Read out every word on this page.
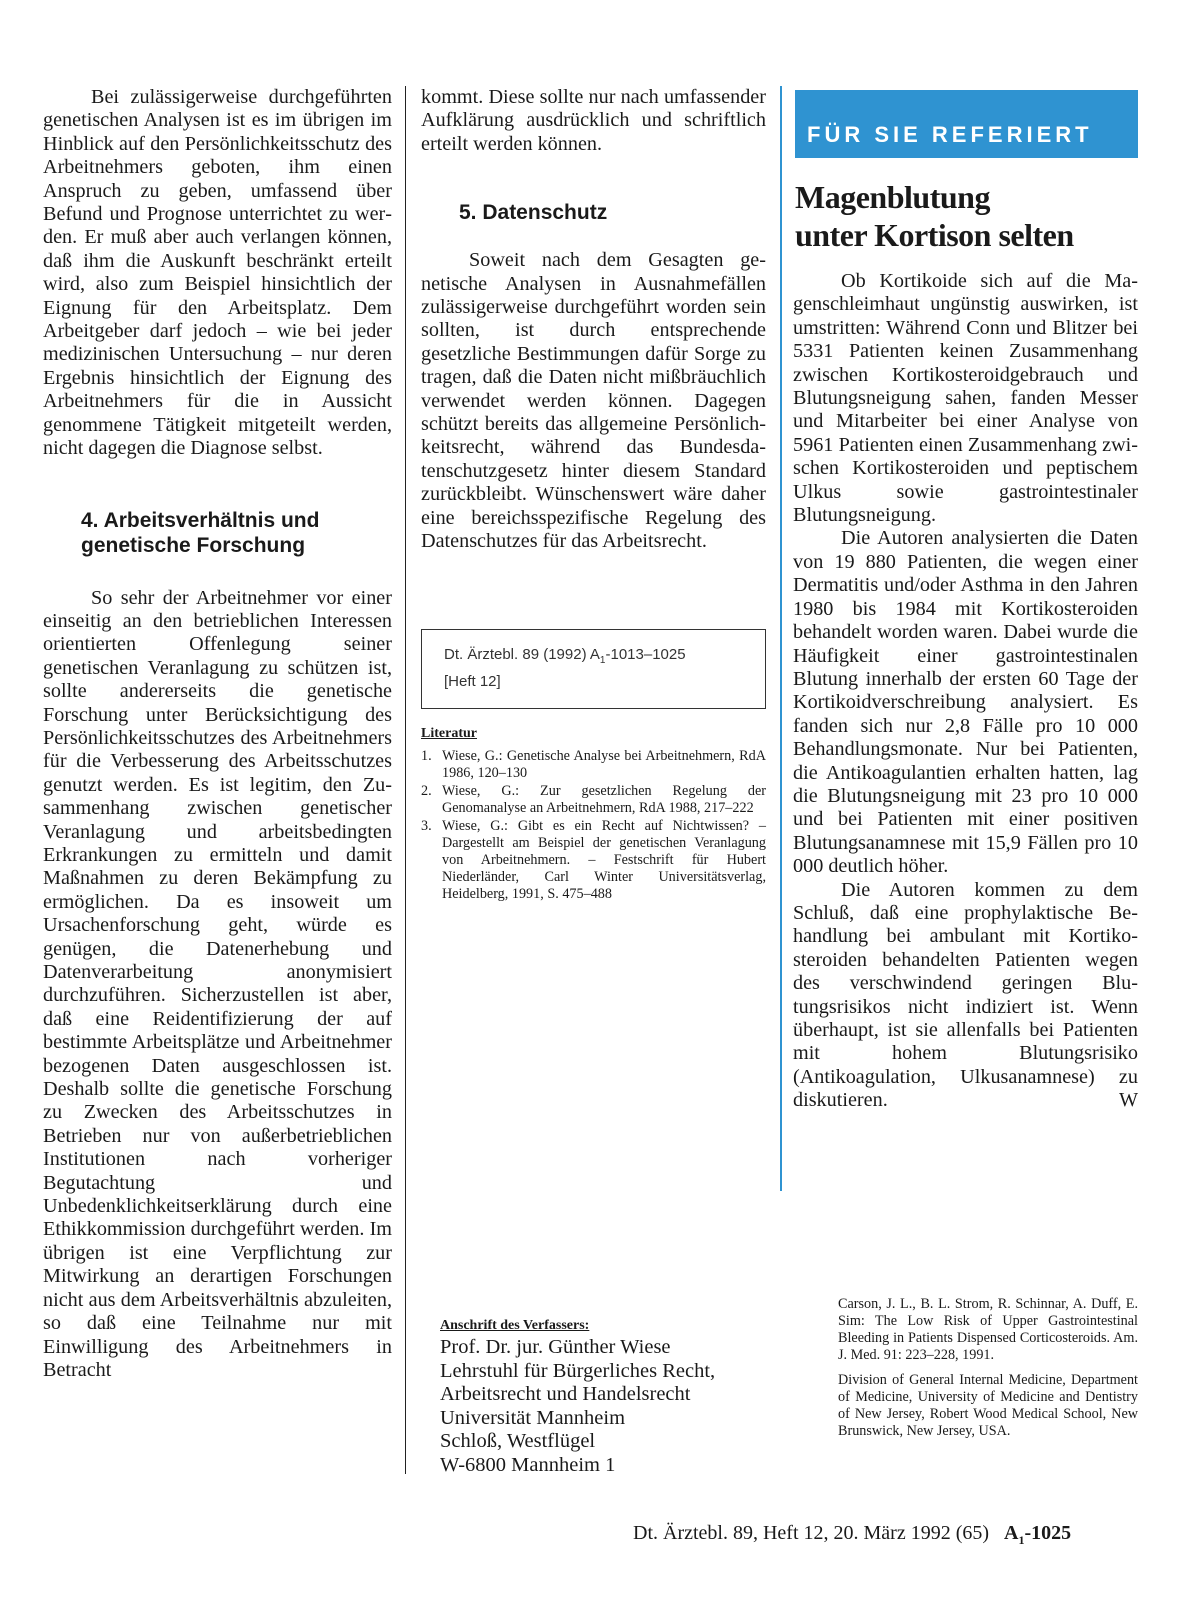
Bei zulässigerweise durchgeführten genetischen Analysen ist es im übrigen im Hinblick auf den Persönlichkeitsschutz des Arbeitnehmers geboten, ihm einen Anspruch zu geben, umfassend über Befund und Prognose unterrichtet zu werden. Er muß aber auch verlangen können, daß ihm die Auskunft beschränkt erteilt wird, also zum Beispiel hinsichtlich der Eignung für den Arbeitsplatz. Dem Arbeitgeber darf jedoch – wie bei jeder medizinischen Untersuchung – nur deren Ergebnis hinsichtlich der Eignung des Arbeitnehmers für die in Aussicht genommene Tätigkeit mitgeteilt werden, nicht dagegen die Diagnose selbst.

4. Arbeitsverhältnis und genetische Forschung

So sehr der Arbeitnehmer vor einer einseitig an den betrieblichen Interessen orientierten Offenlegung seiner genetischen Veranlagung zu schützen ist, sollte andererseits die genetische Forschung unter Berücksichtigung des Persönlichkeitsschutzes des Arbeitnehmers für die Verbesserung des Arbeitsschutzes genutzt werden. Es ist legitim, den Zusammenhang zwischen genetischer Veranlagung und arbeitsbedingten Erkrankungen zu ermitteln und damit Maßnahmen zu deren Bekämpfung zu ermöglichen. Da es insoweit um Ursachenforschung geht, würde es genügen, die Datenerhebung und Datenverarbeitung anonymisiert durchzuführen. Sicherzustellen ist aber, daß eine Reidentifizierung der auf bestimmte Arbeitsplätze und Arbeitnehmer bezogenen Daten ausgeschlossen ist. Deshalb sollte die genetische Forschung zu Zwecken des Arbeitsschutzes in Betrieben nur von außerbetrieblichen Institutionen nach vorheriger Begutachtung und Unbedenklichkeitserklärung durch eine Ethikkommission durchgeführt werden. Im übrigen ist eine Verpflichtung zur Mitwirkung an derartigen Forschungen nicht aus dem Arbeitsverhältnis abzuleiten, so daß eine Teilnahme nur mit Einwilligung des Arbeitnehmers in Betracht

kommt. Diese sollte nur nach umfassender Aufklärung ausdrücklich und schriftlich erteilt werden können.

5. Datenschutz

Soweit nach dem Gesagten genetische Analysen in Ausnahmefällen zulässigerweise durchgeführt worden sein sollten, ist durch entsprechende gesetzliche Bestimmungen dafür Sorge zu tragen, daß die Daten nicht mißbräuchlich verwendet werden können. Dagegen schützt bereits das allgemeine Persönlichkeitsrecht, während das Bundesdatenschutzgesetz hinter diesem Standard zurückbleibt. Wünschenswert wäre daher eine bereichsspezifische Regelung des Datenschutzes für das Arbeitsrecht.

Dt. Ärztebl. 89 (1992) $A_1-1013-1025$
[Heft 12]
Literatur
1. Wiese, G.: Genetische Analyse bei Arbeitnehmern, RdA 1986, 120–130
2. Wiese, G.: Zur gesetzlichen Regelung der Genomanalyse an Arbeitnehmern, RdA 1988, 217–222
3. Wiese, G.: Gibt es ein Recht auf Nichtwissen? – Dargestellt am Beispiel der genetischen Veranlagung von Arbeitnehmern. – Festschrift für Hubert Niederländer, Carl Winter Universitätsverlag, Heidelberg, 1991, S. 475–488
Anschrift des Verfassers:
Prof. Dr. jur. Günther Wiese
Lehrstuhl für Bürgerliches Recht,
Arbeitsrecht und Handelsrecht
Universität Mannheim
Schloß, Westflügel
W-6800 Mannheim 1
FÜR SIE REFERIERT
Magenblutung
unter Kortison selten

Ob Kortikoide sich auf die Magenschleimhaut ungünstig auswirken, ist umstritten: Während Conn und Blitzer bei 5331 Patienten keinen Zusammenhang zwischen Kortikosteroidgebrauch und Blutungsneigung sahen, fanden Messer und Mitarbeiter bei einer Analyse von 5961 Patienten einen Zusammenhang zwischen Kortikosteroiden und peptischem Ulkus sowie gastrointestinaler Blutungsneigung.

Die Autoren analysierten die Daten von 19 880 Patienten, die wegen einer Dermatitis und/oder Asthma in den Jahren 1980 bis 1984 mit Kortikosteroiden behandelt worden waren. Dabei wurde die Häufigkeit einer gastrointestinalen Blutung innerhalb der ersten 60 Tage der Kortikoidverschreibung analysiert. Es fanden sich nur 2,8 Fälle pro 10 000 Behandlungsmonate. Nur bei Patienten, die Antikoagulantien erhalten hatten, lag die Blutungsneigung mit 23 pro 10 000 und bei Patienten mit einer positiven Blutungsanamnese mit 15,9 Fällen pro 10 000 deutlich höher.

Die Autoren kommen zu dem Schluß, daß eine prophylaktische Behandlung bei ambulant mit Kortikosteroiden behandelten Patienten wegen des verschwindend geringen Blutungsrisikos nicht indiziert ist. Wenn überhaupt, ist sie allenfalls bei Patienten mit hohem Blutungsrisiko (Antikoagulation, Ulkusanamnese) zu diskutieren.	W

Carson, J. L., B. L. Strom, R. Schinnar, A. Duff, E. Sim: The Low Risk of Upper Gastrointestinal Bleeding in Patients Dispensed Corticosteroids. Am. J. Med. 91: 223–228, 1991.
Division of General Internal Medicine, Department of Medicine, University of Medicine and Dentistry of New Jersey, Robert Wood Medical School, New Brunswick, New Jersey, USA.
Dt. Ärztebl. 89, Heft 12, 20. März 1992 (65) $A_1-1025$
